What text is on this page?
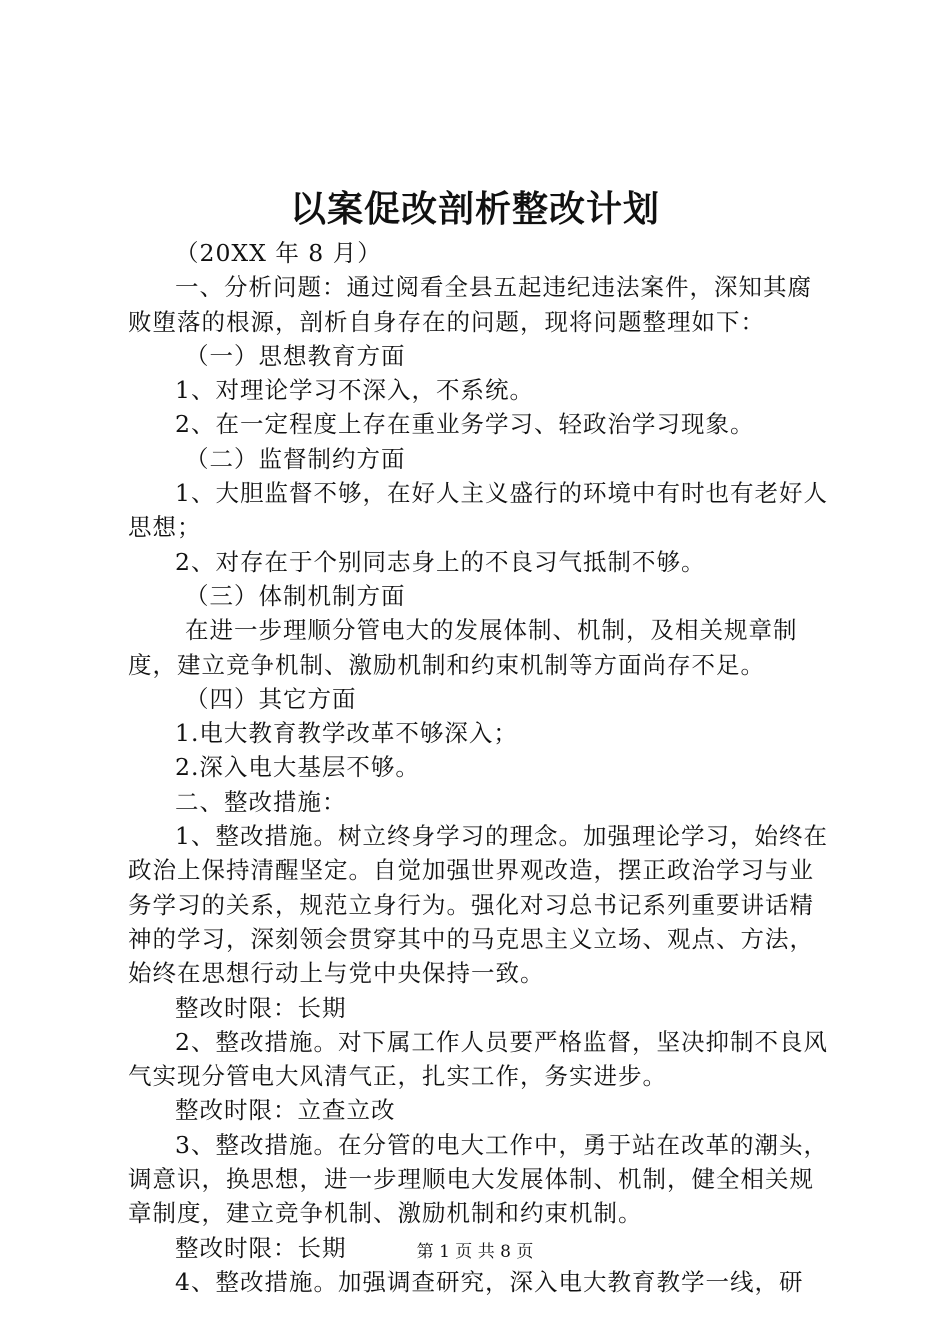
以案促改剖析整改计划

（20XX 年 8 月）

一、分析问题：通过阅看全县五起违纪违法案件，深知其腐败堕落的根源，剖析自身存在的问题，现将问题整理如下：

（一）思想教育方面

1、对理论学习不深入，不系统。

2、在一定程度上存在重业务学习、轻政治学习现象。

（二）监督制约方面

1、大胆监督不够，在好人主义盛行的环境中有时也有老好人思想；

2、对存在于个别同志身上的不良习气抵制不够。

（三）体制机制方面

在进一步理顺分管电大的发展体制、机制，及相关规章制度，建立竞争机制、激励机制和约束机制等方面尚存不足。

（四）其它方面

1.电大教育教学改革不够深入；

2.深入电大基层不够。

二、整改措施：

1、整改措施。树立终身学习的理念。加强理论学习，始终在政治上保持清醒坚定。自觉加强世界观改造，摆正政治学习与业务学习的关系，规范立身行为。强化对习总书记系列重要讲话精神的学习，深刻领会贯穿其中的马克思主义立场、观点、方法，始终在思想行动上与党中央保持一致。

整改时限：长期

2、整改措施。对下属工作人员要严格监督，坚决抑制不良风气实现分管电大风清气正，扎实工作，务实进步。

整改时限：立查立改

3、整改措施。在分管的电大工作中，勇于站在改革的潮头，调意识，换思想，进一步理顺电大发展体制、机制，健全相关规章制度，建立竞争机制、激励机制和约束机制。

整改时限：长期

4、整改措施。加强调查研究，深入电大教育教学一线，研

第 1 页 共 8 页
